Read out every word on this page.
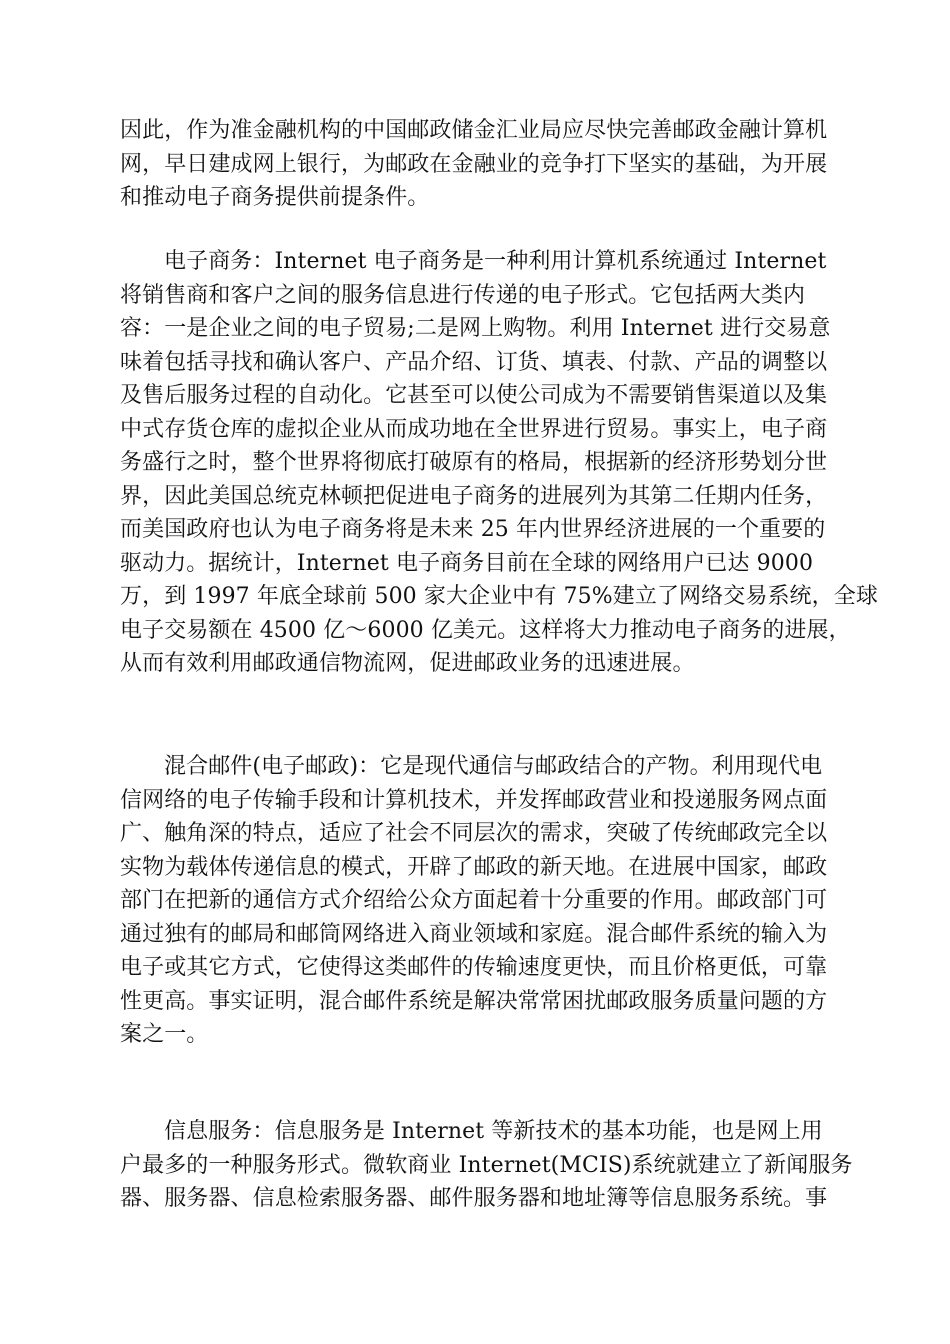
因此，作为准金融机构的中国邮政储金汇业局应尽快完善邮政金融计算机
网，早日建成网上银行，为邮政在金融业的竞争打下坚实的基础，为开展
和推动电子商务提供前提条件。
电子商务：Internet 电子商务是一种利用计算机系统通过 Internet
将销售商和客户之间的服务信息进行传递的电子形式。它包括两大类内
容：一是企业之间的电子贸易;二是网上购物。利用 Internet 进行交易意
味着包括寻找和确认客户、产品介绍、订货、填表、付款、产品的调整以
及售后服务过程的自动化。它甚至可以使公司成为不需要销售渠道以及集
中式存货仓库的虚拟企业从而成功地在全世界进行贸易。事实上，电子商
务盛行之时，整个世界将彻底打破原有的格局，根据新的经济形势划分世
界，因此美国总统克林顿把促进电子商务的进展列为其第二任期内任务，
而美国政府也认为电子商务将是未来 25 年内世界经济进展的一个重要的
驱动力。据统计，Internet 电子商务目前在全球的网络用户已达 9000
万，到 1997 年底全球前 500 家大企业中有 75%建立了网络交易系统，全球
电子交易额在 4500 亿～6000 亿美元。这样将大力推动电子商务的进展，
从而有效利用邮政通信物流网，促进邮政业务的迅速进展。
混合邮件(电子邮政)：它是现代通信与邮政结合的产物。利用现代电
信网络的电子传输手段和计算机技术，并发挥邮政营业和投递服务网点面
广、触角深的特点，适应了社会不同层次的需求，突破了传统邮政完全以
实物为载体传递信息的模式，开辟了邮政的新天地。在进展中国家，邮政
部门在把新的通信方式介绍给公众方面起着十分重要的作用。邮政部门可
通过独有的邮局和邮筒网络进入商业领域和家庭。混合邮件系统的输入为
电子或其它方式，它使得这类邮件的传输速度更快，而且价格更低，可靠
性更高。事实证明，混合邮件系统是解决常常困扰邮政服务质量问题的方
案之一。
信息服务：信息服务是 Internet 等新技术的基本功能，也是网上用
户最多的一种服务形式。微软商业 Internet(MCIS)系统就建立了新闻服务
器、服务器、信息检索服务器、邮件服务器和地址簿等信息服务系统。事
